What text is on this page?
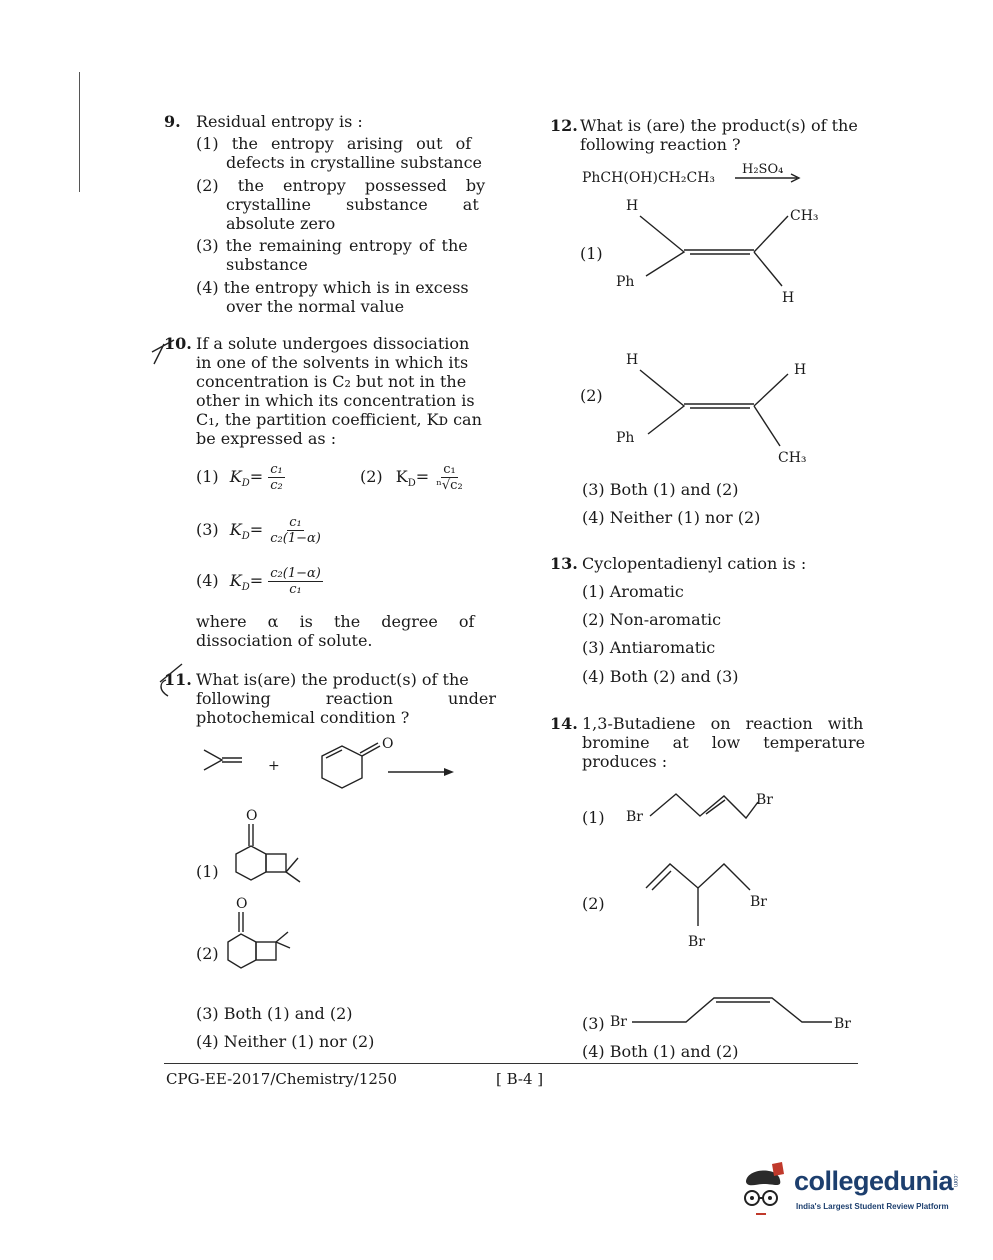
9. Residual entropy is :
(1) the entropy arising out of
defects in crystalline substance
(2) the entropy possessed by
crystalline substance at
absolute zero
(3) the remaining entropy of the
substance
(4) the entropy which is in excess
over the normal value
10. If a solute undergoes dissociation
in one of the solvents in which its
concentration is C₂ but not in the
other in which its concentration is
C₁, the partition coefficient, Kᴅ can
be expressed as :
(1) $K_D= \frac{\text{c₁}}{\text{c₂}}$	(2) $K_D= \frac{\text{c₁}}{\text{ⁿ√c₂}}$
(3) $K_D= \frac{\text{c₁}}{\text{c₂(1−α)}}$
(4) $K_D= \frac{\text{c₂(1−α)}}{\text{c₁}}$
where α is the degree of
dissociation of solute.
11. What is(are) the product(s) of the
following reaction under
photochemical condition ?
+
O
(1)
O
(2)
O
(3) Both (1) and (2)
(4) Neither (1) nor (2)
12. What is (are) the product(s) of the
following reaction ?
PhCH(OH)CH₂CH₃
H₂SO₄
(1)
H
Ph
CH₃
H
(2)
H
Ph
H
CH₃
(3) Both (1) and (2)
(4) Neither (1) nor (2)
13. Cyclopentadienyl cation is :
(1) Aromatic
(2) Non-aromatic
(3) Antiaromatic
(4) Both (2) and (3)
14. 1,3-Butadiene on reaction with
bromine at low temperature
produces :
(1) Br
Br
(2)	Br
Br
(3) Br	Br
(4) Both (1) and (2)
CPG-EE-2017/Chemistry/1250	[ B-4 ]
collegedunia
.com
India's Largest Student Review Platform
